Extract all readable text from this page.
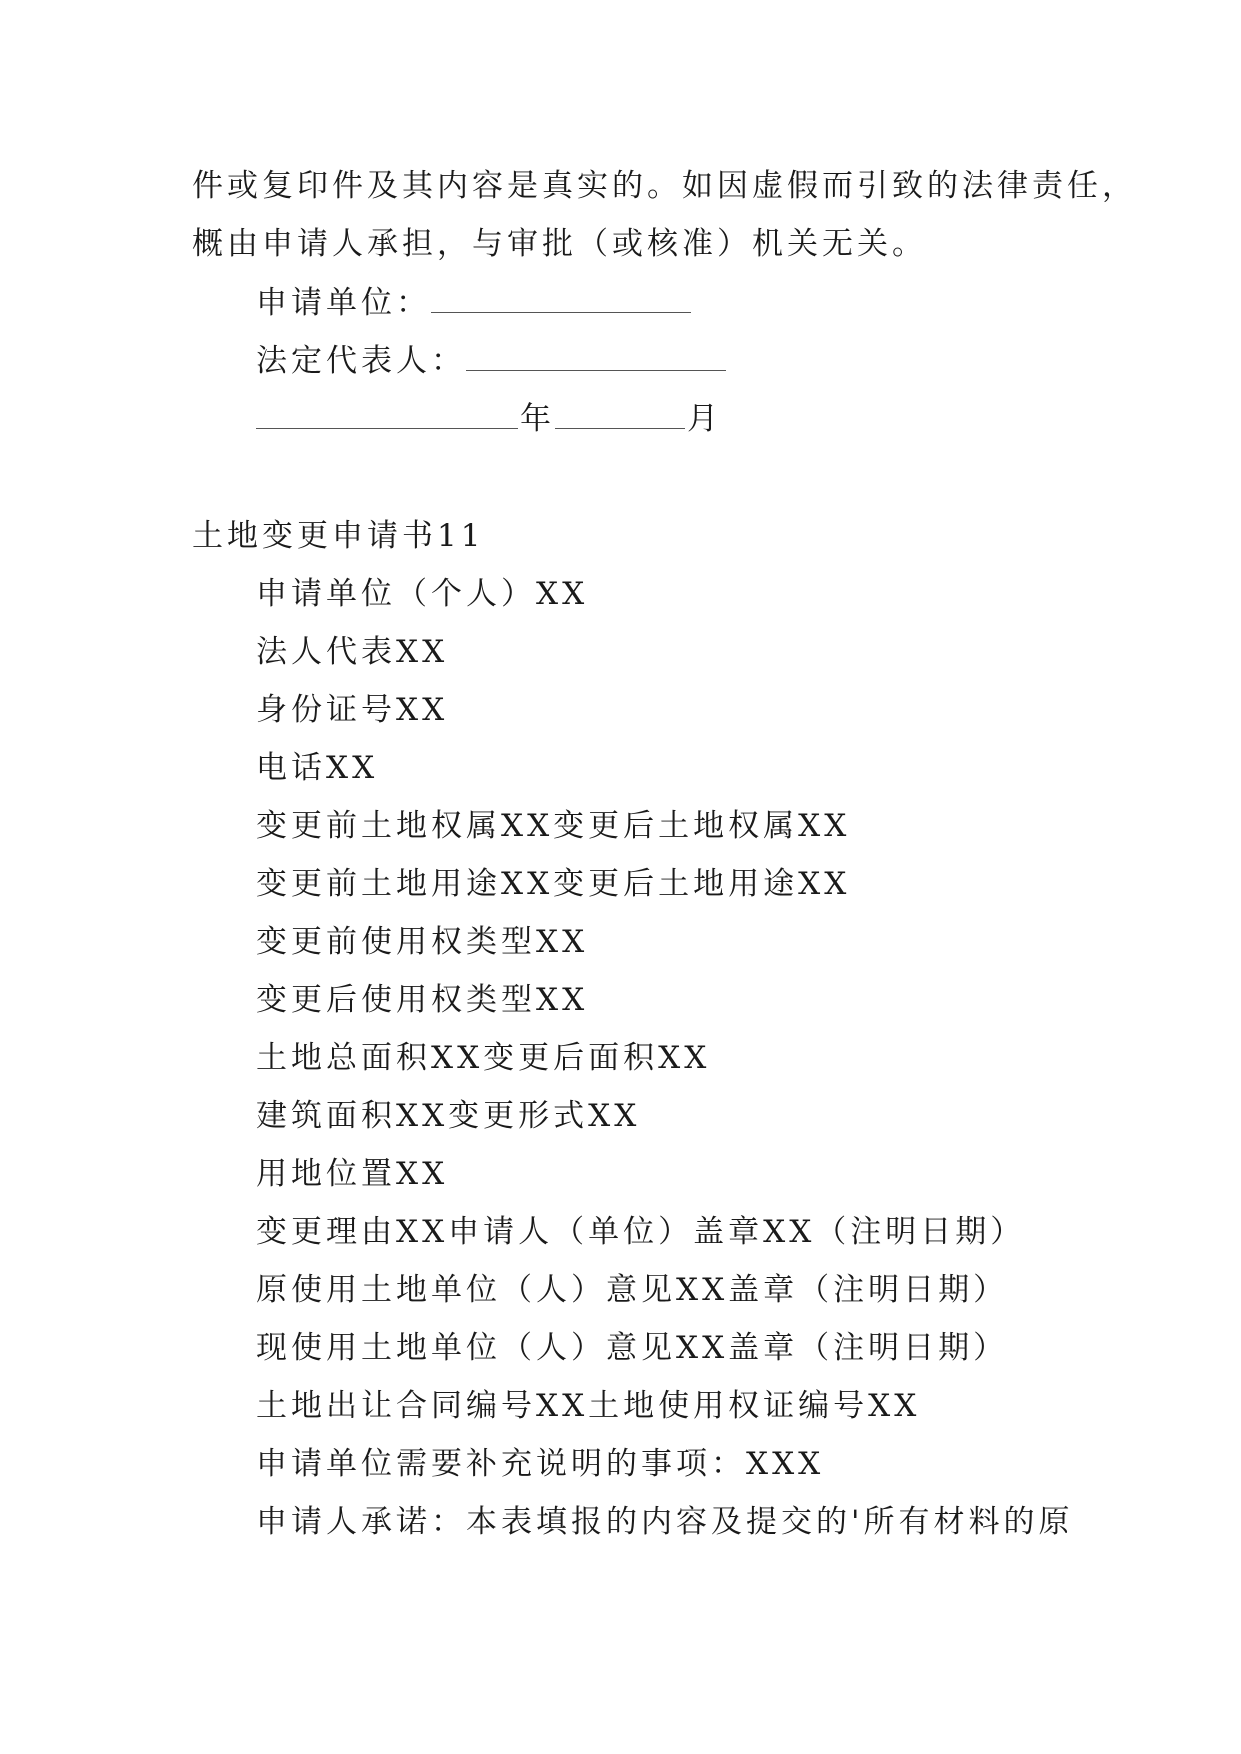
件或复印件及其内容是真实的。如因虚假而引致的法律责任，
概由申请人承担，与审批（或核准）机关无关。
申请单位：
法定代表人：
年	月
土地变更申请书11
申请单位（个人）XX
法人代表XX
身份证号XX
电话XX
变更前土地权属XX变更后土地权属XX
变更前土地用途XX变更后土地用途XX
变更前使用权类型XX
变更后使用权类型XX
土地总面积XX变更后面积XX
建筑面积XX变更形式XX
用地位置XX
变更理由XX申请人（单位）盖章XX（注明日期）
原使用土地单位（人）意见XX盖章（注明日期）
现使用土地单位（人）意见XX盖章（注明日期）
土地出让合同编号XX土地使用权证编号XX
申请单位需要补充说明的事项：XXX
申请人承诺：本表填报的内容及提交的'所有材料的原
